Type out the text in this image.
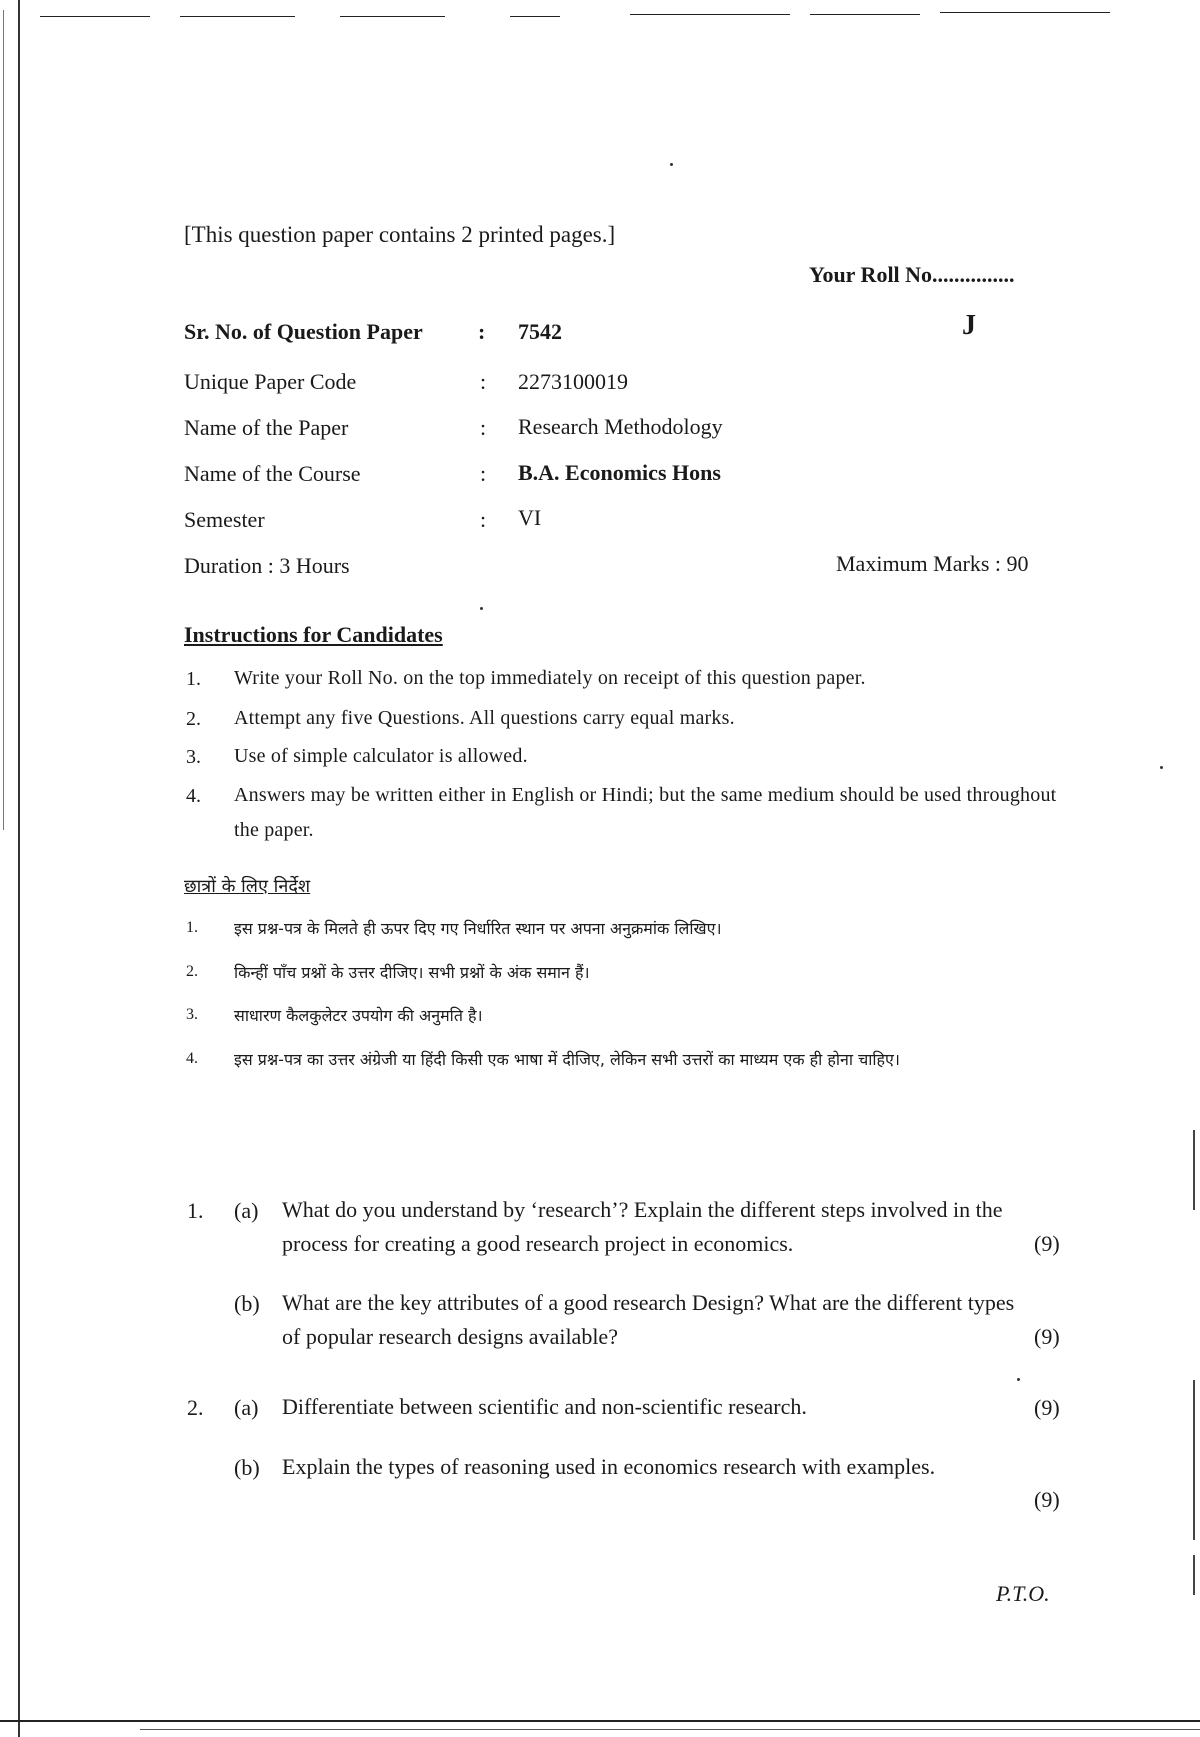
[This question paper contains 2 printed pages.]
Your Roll No...............
J
Sr. No. of Question Paper	: 7542
Unique Paper Code	: 2273100019
Name of the Paper	: Research Methodology
Name of the Course	: B.A. Economics Hons
Semester	: VI
Duration : 3 Hours	Maximum Marks : 90
Instructions for Candidates
1. Write your Roll No. on the top immediately on receipt of this question paper.
2. Attempt any five Questions. All questions carry equal marks.
3. Use of simple calculator is allowed.
4. Answers may be written either in English or Hindi; but the same medium should be used throughout the paper.
छात्रों के लिए निर्देश
1. इस प्रश्न-पत्र के मिलते ही ऊपर दिए गए निर्धारित स्थान पर अपना अनुक्रमांक लिखिए।
2. किन्हीं पाँच प्रश्नों के उत्तर दीजिए। सभी प्रश्नों के अंक समान हैं।
3. साधारण कैलकुलेटर उपयोग की अनुमति है।
4. इस प्रश्न-पत्र का उत्तर अंग्रेजी या हिंदी किसी एक भाषा में दीजिए, लेकिन सभी उत्तरों का माध्यम एक ही होना चाहिए।
1. (a) What do you understand by ‘research’? Explain the different steps involved in the process for creating a good research project in economics.	(9)
(b) What are the key attributes of a good research Design? What are the different types of popular research designs available?	(9)
2. (a) Differentiate between scientific and non-scientific research.	(9)
(b) Explain the types of reasoning used in economics research with examples.
(9)
P.T.O.
